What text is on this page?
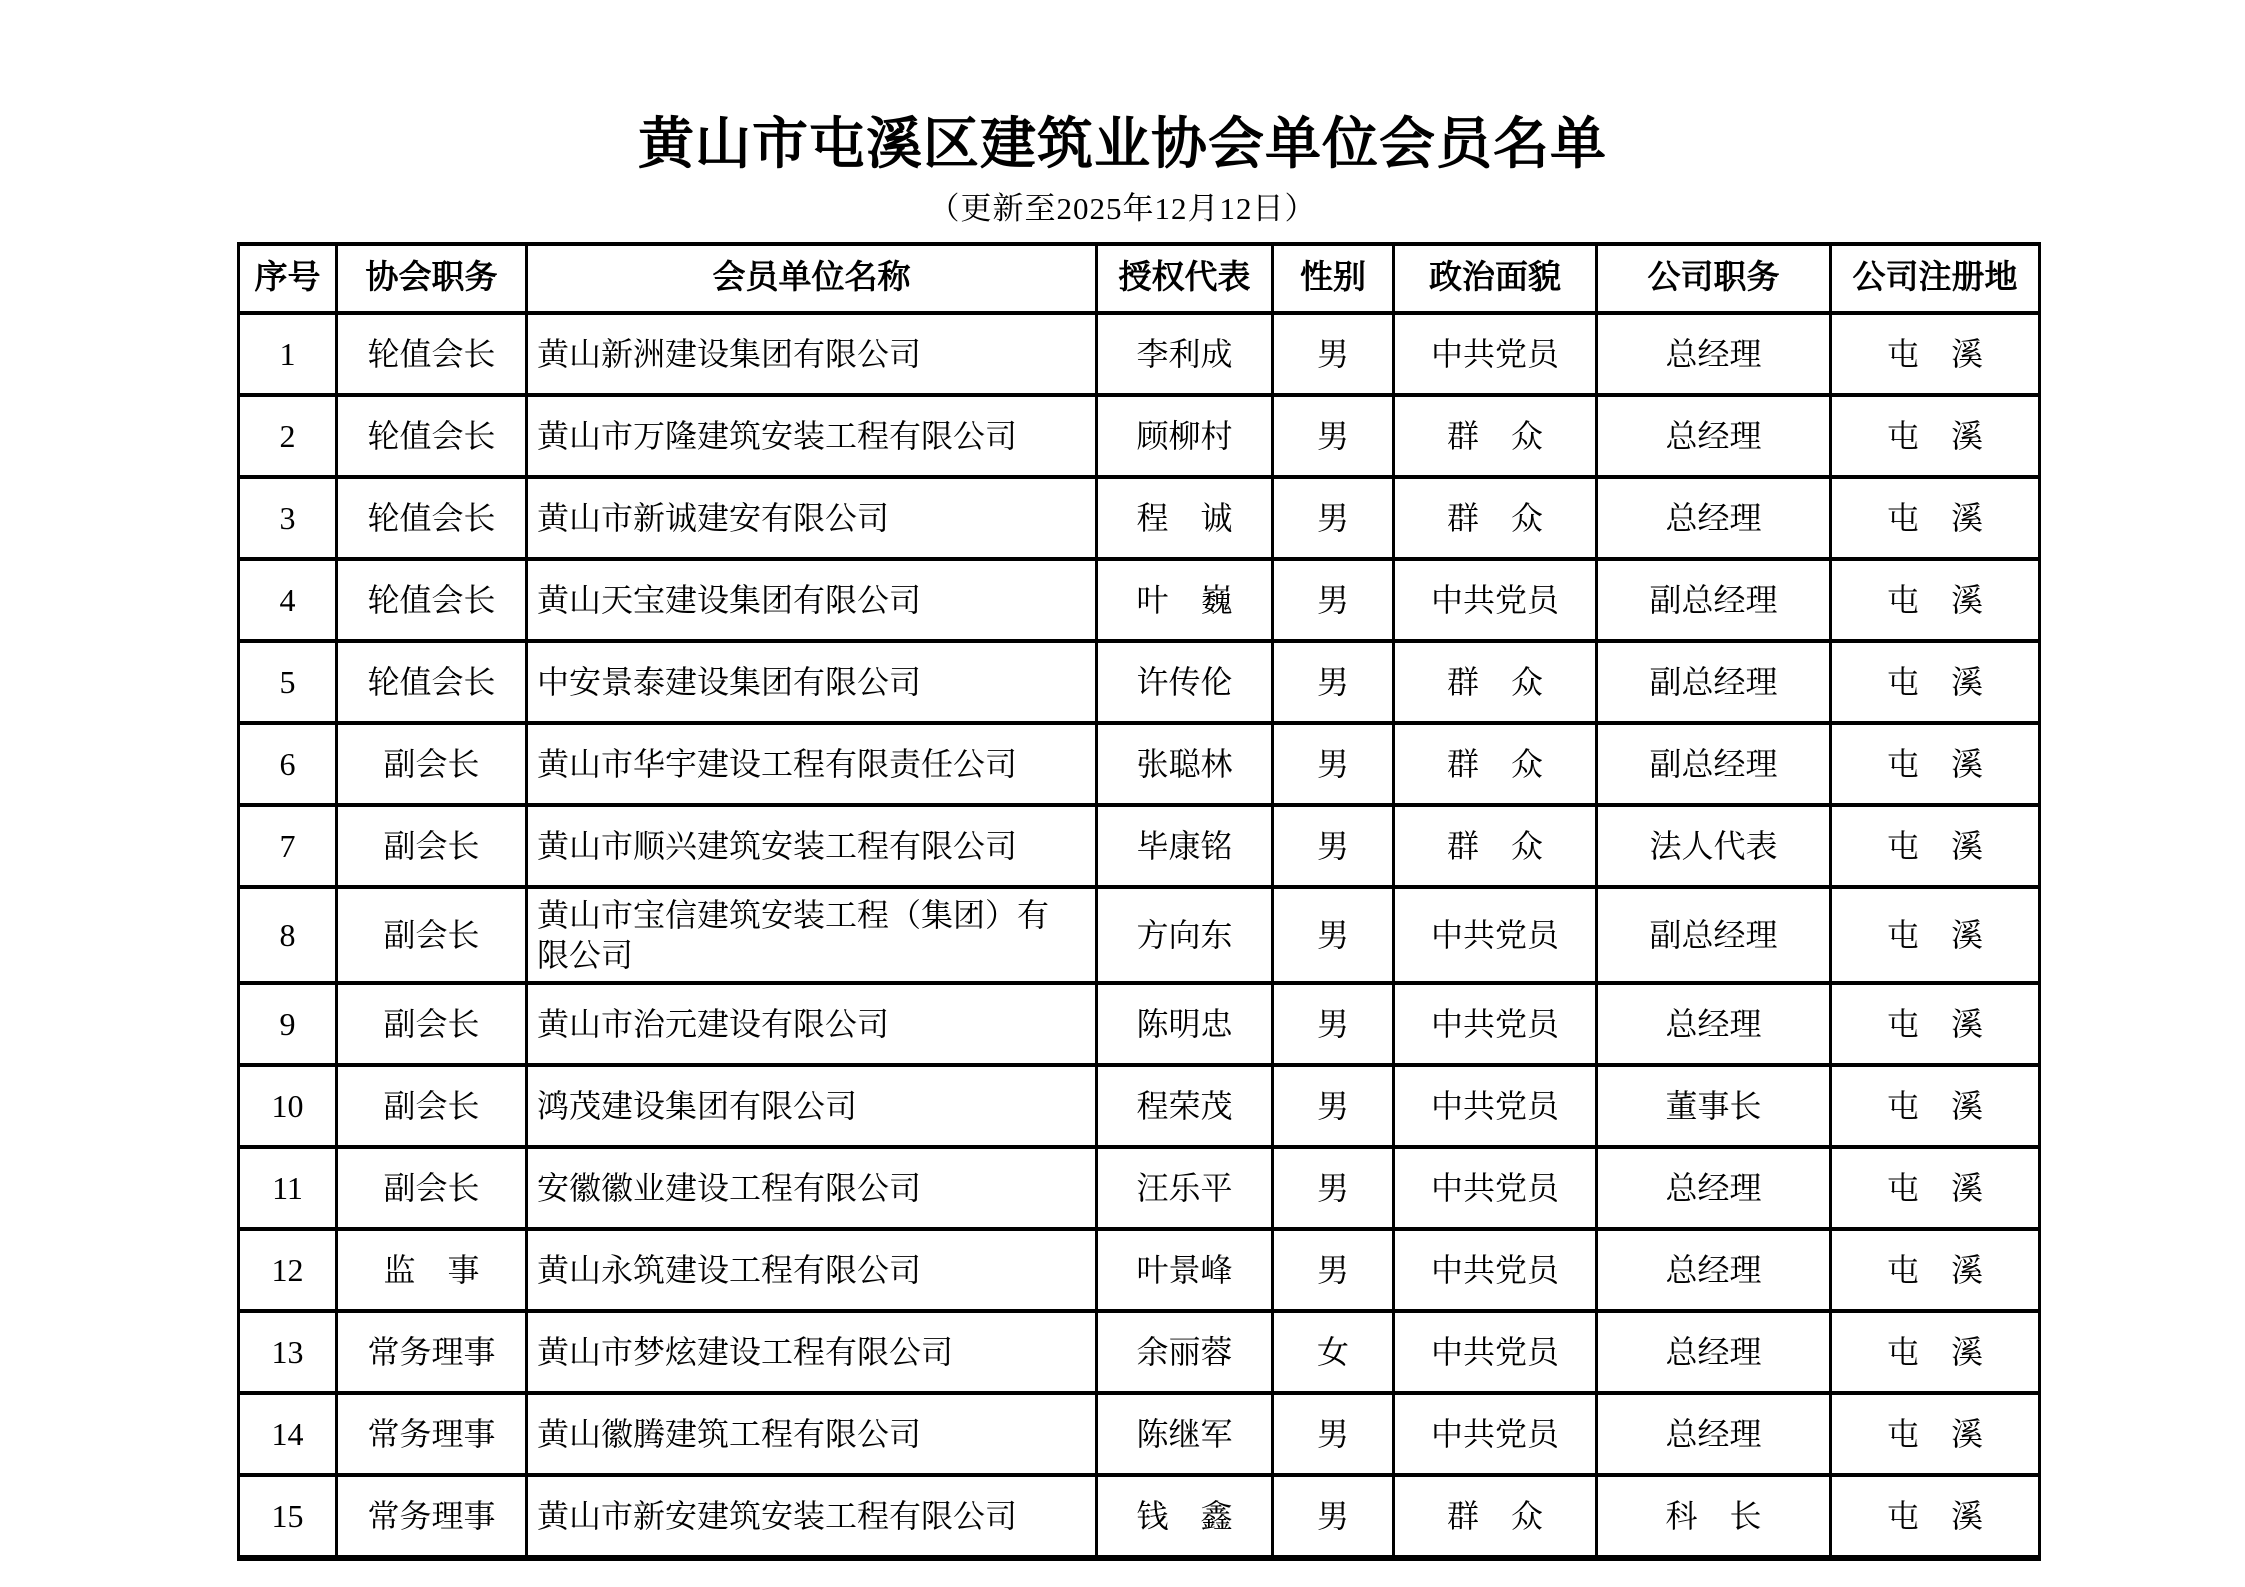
黄山市屯溪区建筑业协会单位会员名单
（更新至2025年12月12日）
序号	协会职务	会员单位名称	授权代表	性别	政治面貌	公司职务	公司注册地
1	轮值会长	黄山新洲建设集团有限公司	李利成	男	中共党员	总经理	屯　溪
2	轮值会长	黄山市万隆建筑安装工程有限公司	顾柳村	男	群　众	总经理	屯　溪
3	轮值会长	黄山市新诚建安有限公司	程　诚	男	群　众	总经理	屯　溪
4	轮值会长	黄山天宝建设集团有限公司	叶　巍	男	中共党员	副总经理	屯　溪
5	轮值会长	中安景泰建设集团有限公司	许传伦	男	群　众	副总经理	屯　溪
6	副会长	黄山市华宇建设工程有限责任公司	张聪林	男	群　众	副总经理	屯　溪
7	副会长	黄山市顺兴建筑安装工程有限公司	毕康铭	男	群　众	法人代表	屯　溪
8	副会长	黄山市宝信建筑安装工程（集团）有限公司	方向东	男	中共党员	副总经理	屯　溪
9	副会长	黄山市治元建设有限公司	陈明忠	男	中共党员	总经理	屯　溪
10	副会长	鸿茂建设集团有限公司	程荣茂	男	中共党员	董事长	屯　溪
11	副会长	安徽徽业建设工程有限公司	汪乐平	男	中共党员	总经理	屯　溪
12	监　事	黄山永筑建设工程有限公司	叶景峰	男	中共党员	总经理	屯　溪
13	常务理事	黄山市梦炫建设工程有限公司	余丽蓉	女	中共党员	总经理	屯　溪
14	常务理事	黄山徽腾建筑工程有限公司	陈继军	男	中共党员	总经理	屯　溪
15	常务理事	黄山市新安建筑安装工程有限公司	钱　鑫	男	群　众	科　长	屯　溪
